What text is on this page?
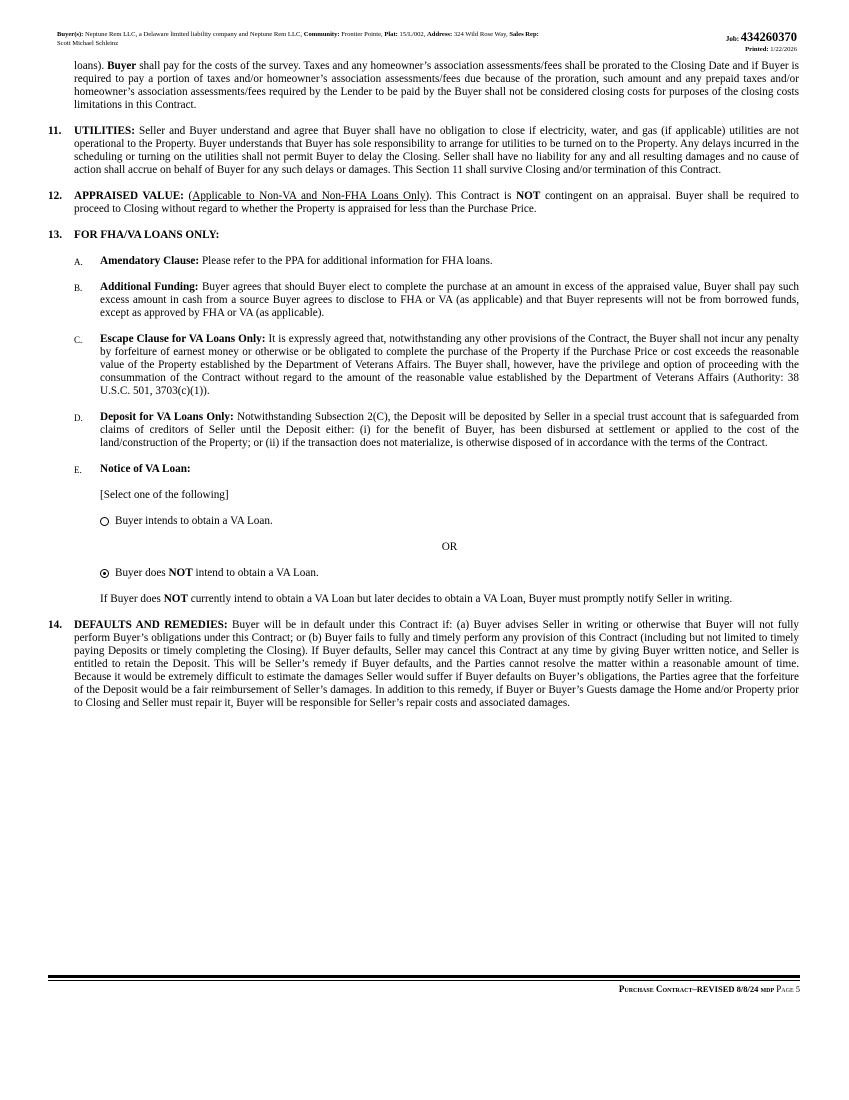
Buyer(s): Neptune Rem LLC, a Delaware limited liability company and Neptune Rem LLC, Community: Frontier Pointe, Plat: 15/L/002, Address: 324 Wild Rose Way, Sales Rep:
Scott Michael Schleinz
Job: 434260370
Printed: 1/22/2026

loans). Buyer shall pay for the costs of the survey. Taxes and any homeowner’s association assessments/fees shall be prorated to the Closing Date and if Buyer is required to pay a portion of taxes and/or homeowner’s association assessments/fees due because of the proration, such amount and any prepaid taxes and/or homeowner’s association assessments/fees required by the Lender to be paid by the Buyer shall not be considered closing costs for purposes of the closing costs limitations in this Contract.

11. UTILITIES: Seller and Buyer understand and agree that Buyer shall have no obligation to close if electricity, water, and gas (if applicable) utilities are not operational to the Property. Buyer understands that Buyer has sole responsibility to arrange for utilities to be turned on to the Property. Any delays incurred in the scheduling or turning on the utilities shall not permit Buyer to delay the Closing. Seller shall have no liability for any and all resulting damages and no cause of action shall accrue on behalf of Buyer for any such delays or damages. This Section 11 shall survive Closing and/or termination of this Contract.

12. APPRAISED VALUE: (Applicable to Non-VA and Non-FHA Loans Only). This Contract is NOT contingent on an appraisal. Buyer shall be required to proceed to Closing without regard to whether the Property is appraised for less than the Purchase Price.

13. FOR FHA/VA LOANS ONLY:

A. Amendatory Clause: Please refer to the PPA for additional information for FHA loans.

B. Additional Funding: Buyer agrees that should Buyer elect to complete the purchase at an amount in excess of the appraised value, Buyer shall pay such excess amount in cash from a source Buyer agrees to disclose to FHA or VA (as applicable) and that Buyer represents will not be from borrowed funds, except as approved by FHA or VA (as applicable).

C. Escape Clause for VA Loans Only: It is expressly agreed that, notwithstanding any other provisions of the Contract, the Buyer shall not incur any penalty by forfeiture of earnest money or otherwise or be obligated to complete the purchase of the Property if the Purchase Price or cost exceeds the reasonable value of the Property established by the Department of Veterans Affairs. The Buyer shall, however, have the privilege and option of proceeding with the consummation of the Contract without regard to the amount of the reasonable value established by the Department of Veterans Affairs (Authority: 38 U.S.C. 501, 3703(c)(1)).

D. Deposit for VA Loans Only: Notwithstanding Subsection 2(C), the Deposit will be deposited by Seller in a special trust account that is safeguarded from claims of creditors of Seller until the Deposit either: (i) for the benefit of Buyer, has been disbursed at settlement or applied to the cost of the land/construction of the Property; or (ii) if the transaction does not materialize, is otherwise disposed of in accordance with the terms of the Contract.

E. Notice of VA Loan:

[Select one of the following]

Buyer intends to obtain a VA Loan.
OR
Buyer does NOT intend to obtain a VA Loan.

If Buyer does NOT currently intend to obtain a VA Loan but later decides to obtain a VA Loan, Buyer must promptly notify Seller in writing.

14. DEFAULTS AND REMEDIES: Buyer will be in default under this Contract if: (a) Buyer advises Seller in writing or otherwise that Buyer will not fully perform Buyer’s obligations under this Contract; or (b) Buyer fails to fully and timely perform any provision of this Contract (including but not limited to timely paying Deposits or timely completing the Closing). If Buyer defaults, Seller may cancel this Contract at any time by giving Buyer written notice, and Seller is entitled to retain the Deposit. This will be Seller’s remedy if Buyer defaults, and the Parties cannot resolve the matter within a reasonable amount of time. Because it would be extremely difficult to estimate the damages Seller would suffer if Buyer defaults on Buyer’s obligations, the Parties agree that the forfeiture of the Deposit would be a fair reimbursement of Seller’s damages. In addition to this remedy, if Buyer or Buyer’s Guests damage the Home and/or Property prior to Closing and Seller must repair it, Buyer will be responsible for Seller’s repair costs and associated damages.

Purchase Contract–REVISED 8/8/24 mdp Page 5
